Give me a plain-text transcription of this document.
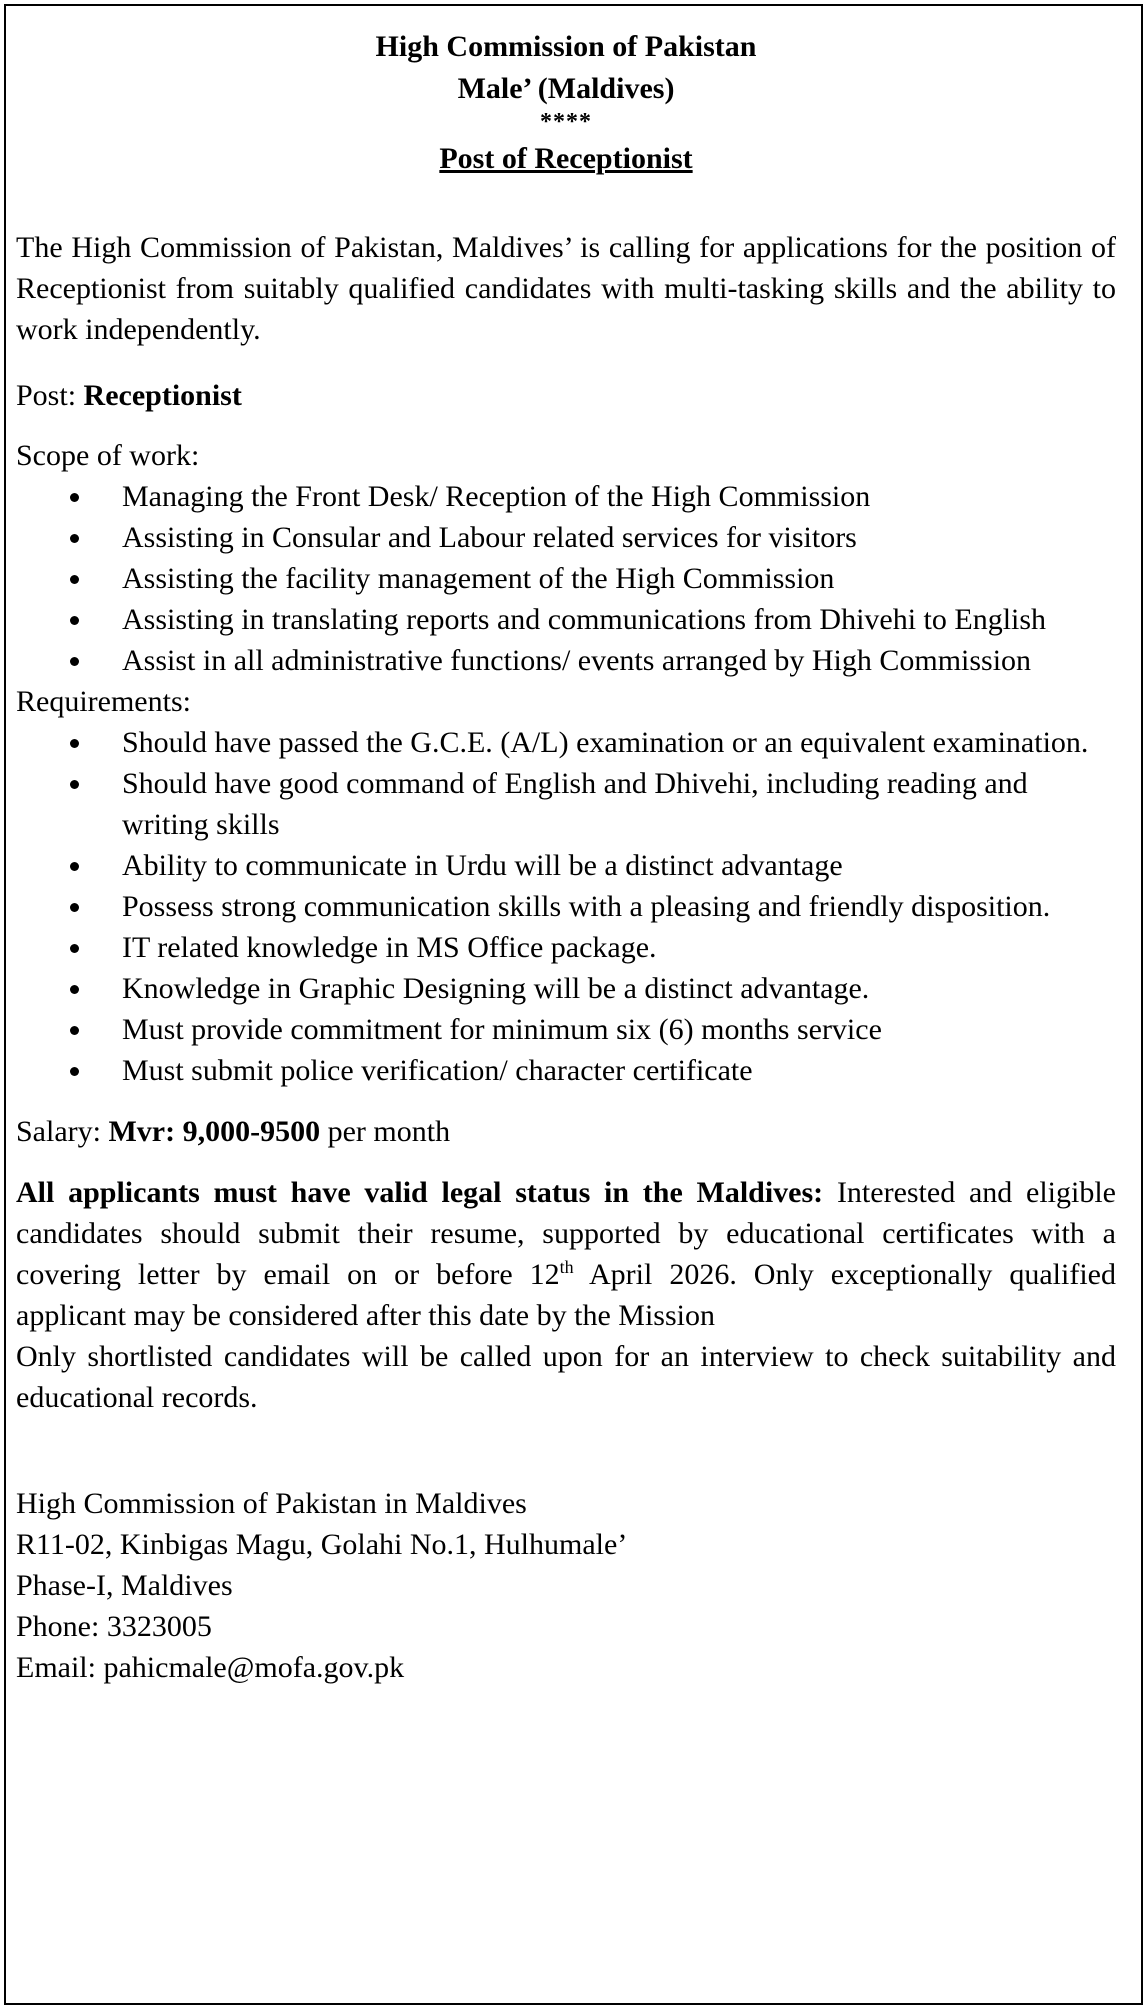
High Commission of Pakistan
Male’ (Maldives)
****
Post of Receptionist

The High Commission of Pakistan, Maldives’ is calling for applications for the position of Receptionist from suitably qualified candidates with multi-tasking skills and the ability to work independently.

Post: Receptionist

Scope of work:

Managing the Front Desk/ Reception of the High Commission
Assisting in Consular and Labour related services for visitors
Assisting the facility management of the High Commission
Assisting in translating reports and communications from Dhivehi to English
Assist in all administrative functions/ events arranged by High Commission

Requirements:

Should have passed the G.C.E. (A/L) examination or an equivalent examination.
Should have good command of English and Dhivehi, including reading and writing skills
Ability to communicate in Urdu will be a distinct advantage
Possess strong communication skills with a pleasing and friendly disposition.
IT related knowledge in MS Office package.
Knowledge in Graphic Designing will be a distinct advantage.
Must provide commitment for minimum six (6) months service
Must submit police verification/ character certificate

Salary: Mvr: 9,000-9500 per month

All applicants must have valid legal status in the Maldives: Interested and eligible candidates should submit their resume, supported by educational certificates with a covering letter by email on or before 12th April 2026. Only exceptionally qualified applicant may be considered after this date by the Mission

Only shortlisted candidates will be called upon for an interview to check suitability and educational records.

High Commission of Pakistan in Maldives

R11-02, Kinbigas Magu, Golahi No.1, Hulhumale’

Phase-I, Maldives

Phone: 3323005

Email: pahicmale@mofa.gov.pk
